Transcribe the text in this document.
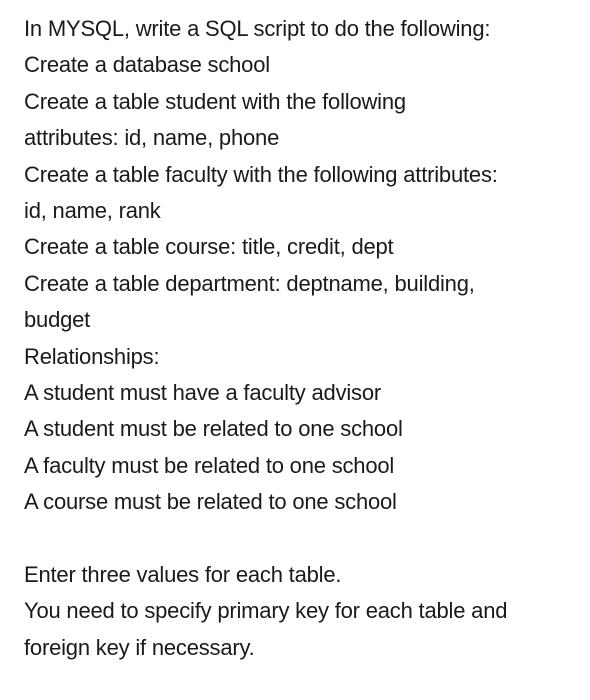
In MYSQL, write a SQL script to do the following:
Create a database school
Create a table student with the following
attributes: id, name, phone
Create a table faculty with the following attributes:
id, name, rank
Create a table course: title, credit, dept
Create a table department: deptname, building,
budget
Relationships:
A student must have a faculty advisor
A student must be related to one school
A faculty must be related to one school
A course must be related to one school
Enter three values for each table.
You need to specify primary key for each table and
foreign key if necessary.
